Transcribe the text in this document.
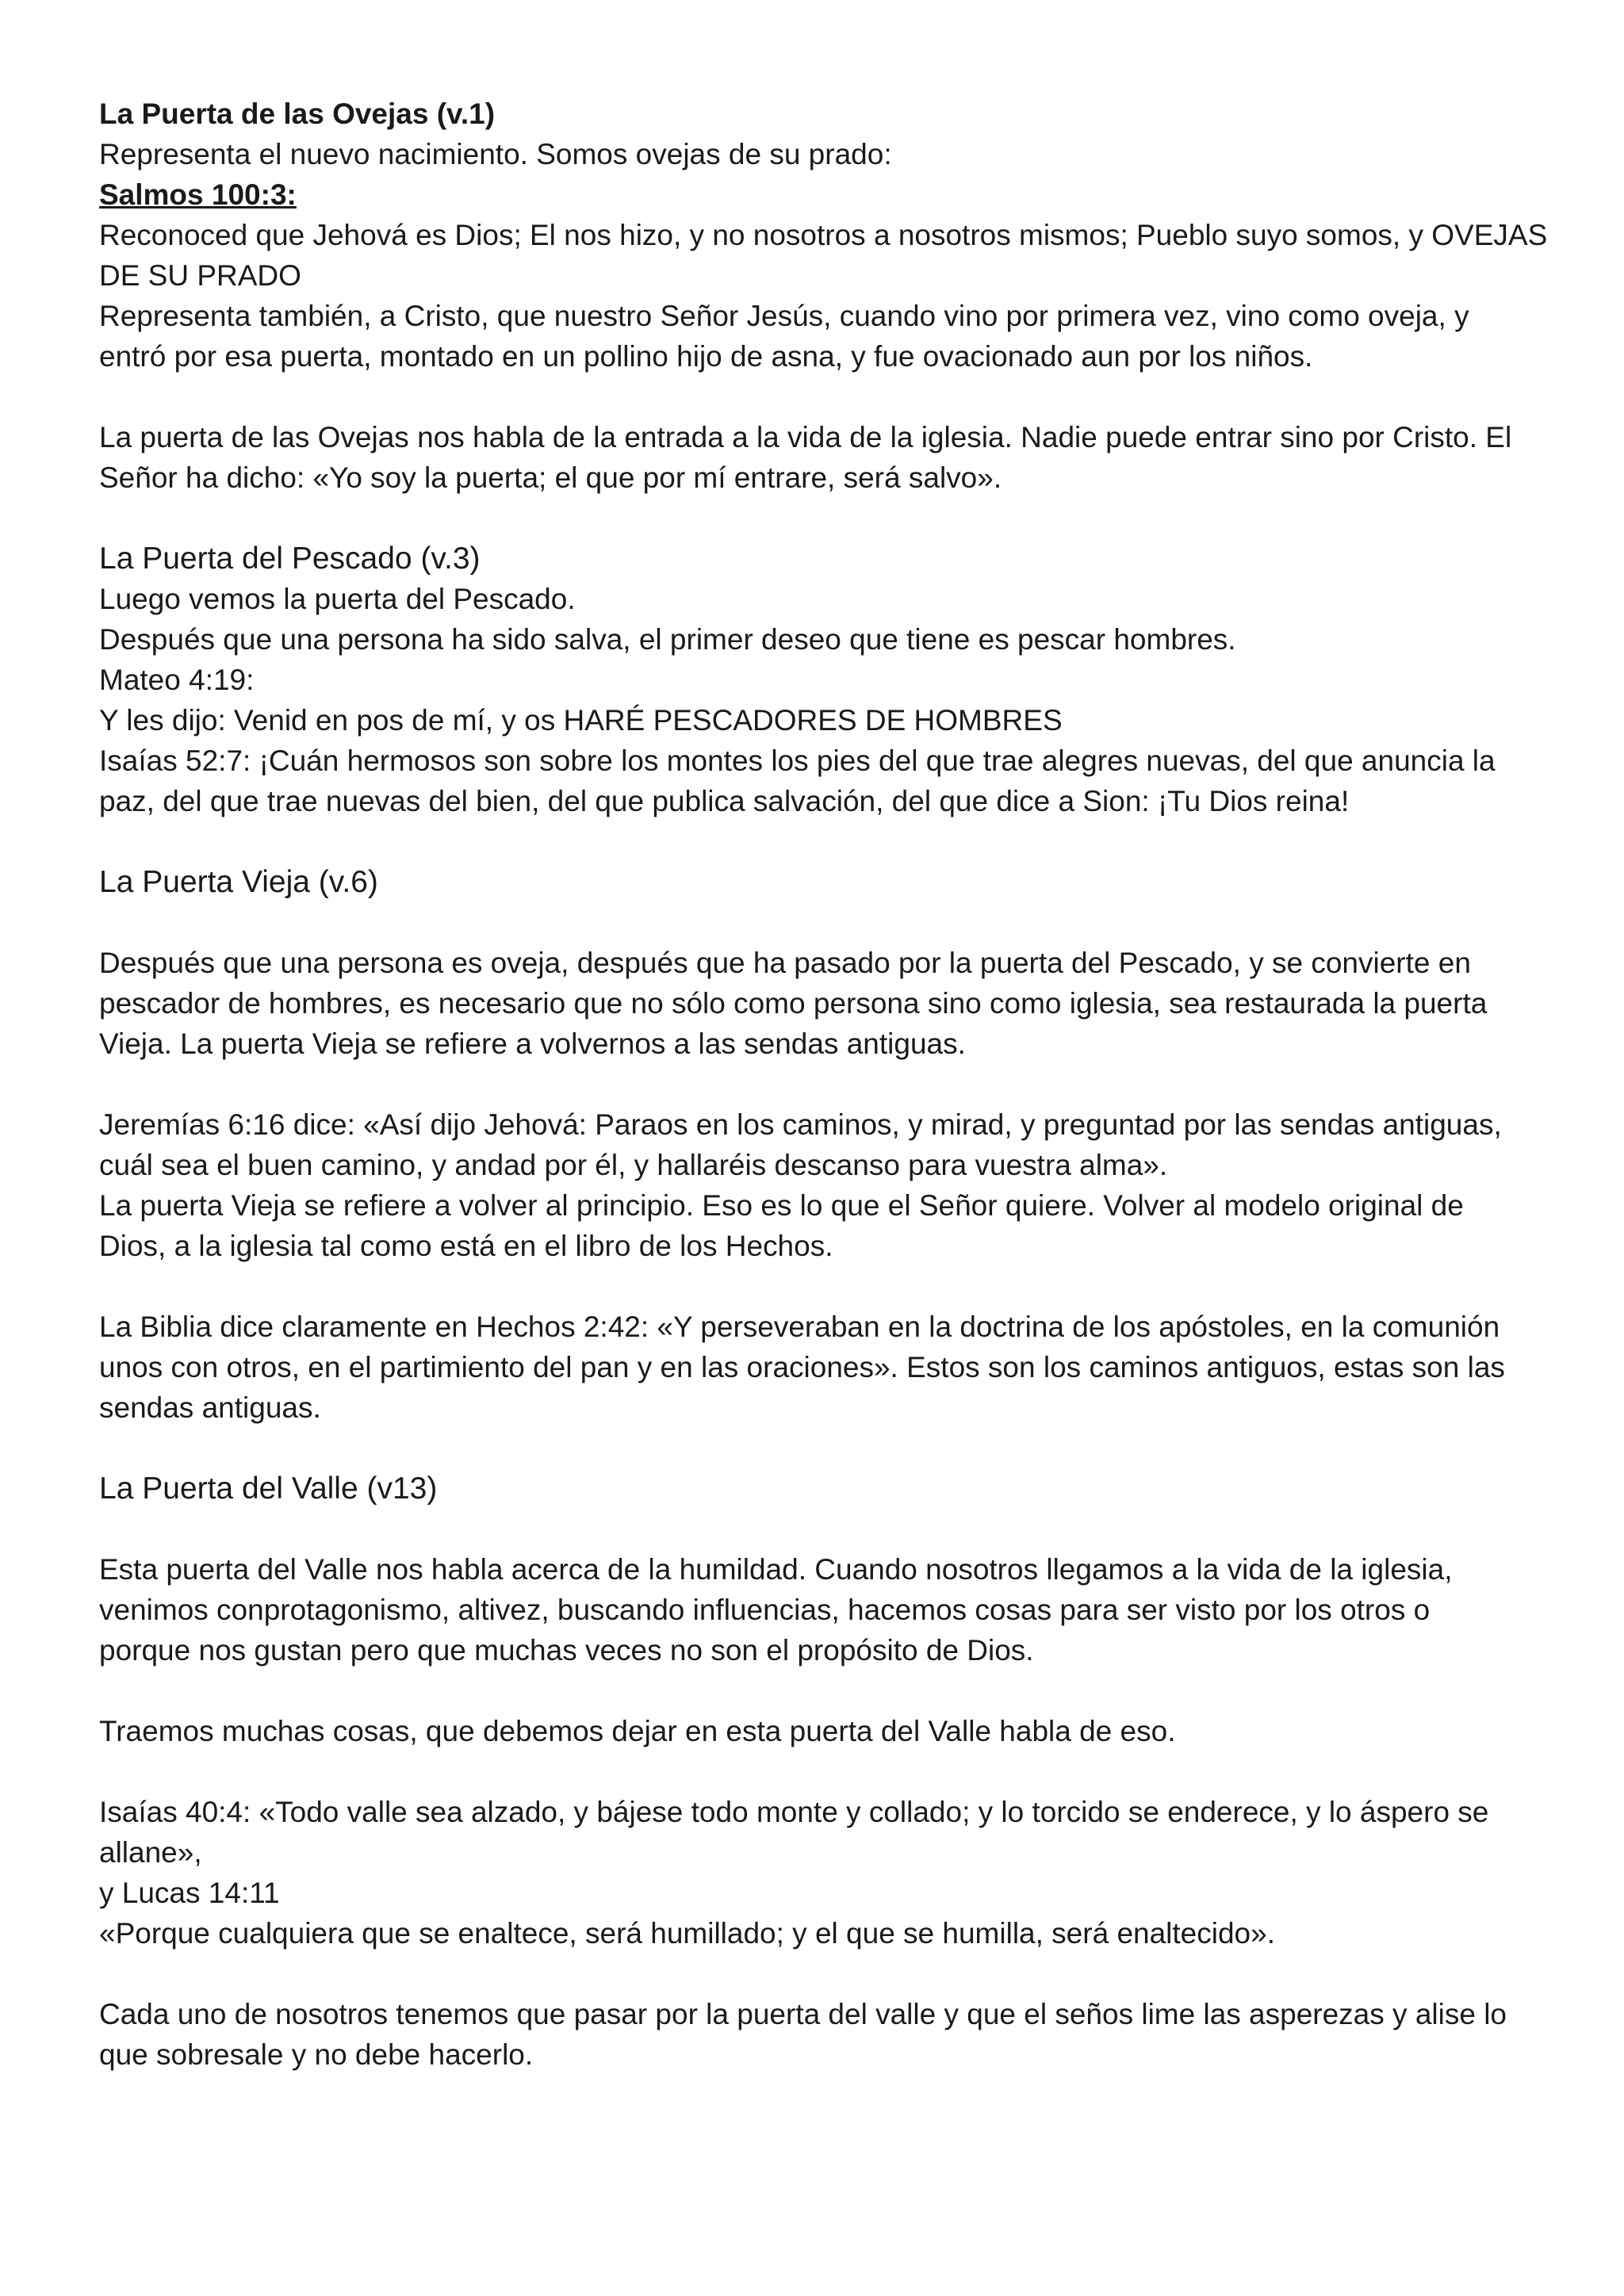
La Puerta de las Ovejas (v.1)
Representa el nuevo nacimiento. Somos ovejas de su prado:
Salmos 100:3:
Reconoced que Jehová es Dios; El nos hizo, y no nosotros a nosotros mismos; Pueblo suyo somos, y OVEJAS
DE SU PRADO
Representa también, a Cristo, que nuestro Señor Jesús, cuando vino por primera vez, vino como oveja, y
entró por esa puerta, montado en un pollino hijo de asna, y fue ovacionado aun por los niños.
La puerta de las Ovejas nos habla de la entrada a la vida de la iglesia. Nadie puede entrar sino por Cristo. El
Señor ha dicho: «Yo soy la puerta; el que por mí entrare, será salvo».
La Puerta del Pescado (v.3)
Luego vemos la puerta del Pescado.
Después que una persona ha sido salva, el primer deseo que tiene es pescar hombres.
Mateo 4:19:
Y les dijo: Venid en pos de mí, y os HARÉ PESCADORES DE HOMBRES
Isaías 52:7: ¡Cuán hermosos son sobre los montes los pies del que trae alegres nuevas, del que anuncia la
paz, del que trae nuevas del bien, del que publica salvación, del que dice a Sion: ¡Tu Dios reina!
La Puerta Vieja (v.6)
Después que una persona es oveja, después que ha pasado por la puerta del Pescado, y se convierte en
pescador de hombres, es necesario que no sólo como persona sino como iglesia, sea restaurada la puerta
Vieja. La puerta Vieja se refiere a volvernos a las sendas antiguas.
Jeremías 6:16 dice: «Así dijo Jehová: Paraos en los caminos, y mirad, y preguntad por las sendas antiguas,
cuál sea el buen camino, y andad por él, y hallaréis descanso para vuestra alma».
La puerta Vieja se refiere a volver al principio. Eso es lo que el Señor quiere. Volver al modelo original de
Dios, a la iglesia tal como está en el libro de los Hechos.
La Biblia dice claramente en Hechos 2:42: «Y perseveraban en la doctrina de los apóstoles, en la comunión
unos con otros, en el partimiento del pan y en las oraciones». Estos son los caminos antiguos, estas son las
sendas antiguas.
La Puerta del Valle (v13)
Esta puerta del Valle nos habla acerca de la humildad. Cuando nosotros llegamos a la vida de la iglesia,
venimos conprotagonismo, altivez, buscando influencias, hacemos cosas para ser visto por los otros o
porque nos gustan pero que muchas veces no son el propósito de Dios.
Traemos muchas cosas, que debemos dejar en esta puerta del Valle habla de eso.
Isaías 40:4: «Todo valle sea alzado, y bájese todo monte y collado; y lo torcido se enderece, y lo áspero se
allane»,
y Lucas 14:11
«Porque cualquiera que se enaltece, será humillado; y el que se humilla, será enaltecido».
Cada uno de nosotros tenemos que pasar por la puerta del valle y que el seños lime las asperezas y alise lo
que sobresale y no debe hacerlo.
